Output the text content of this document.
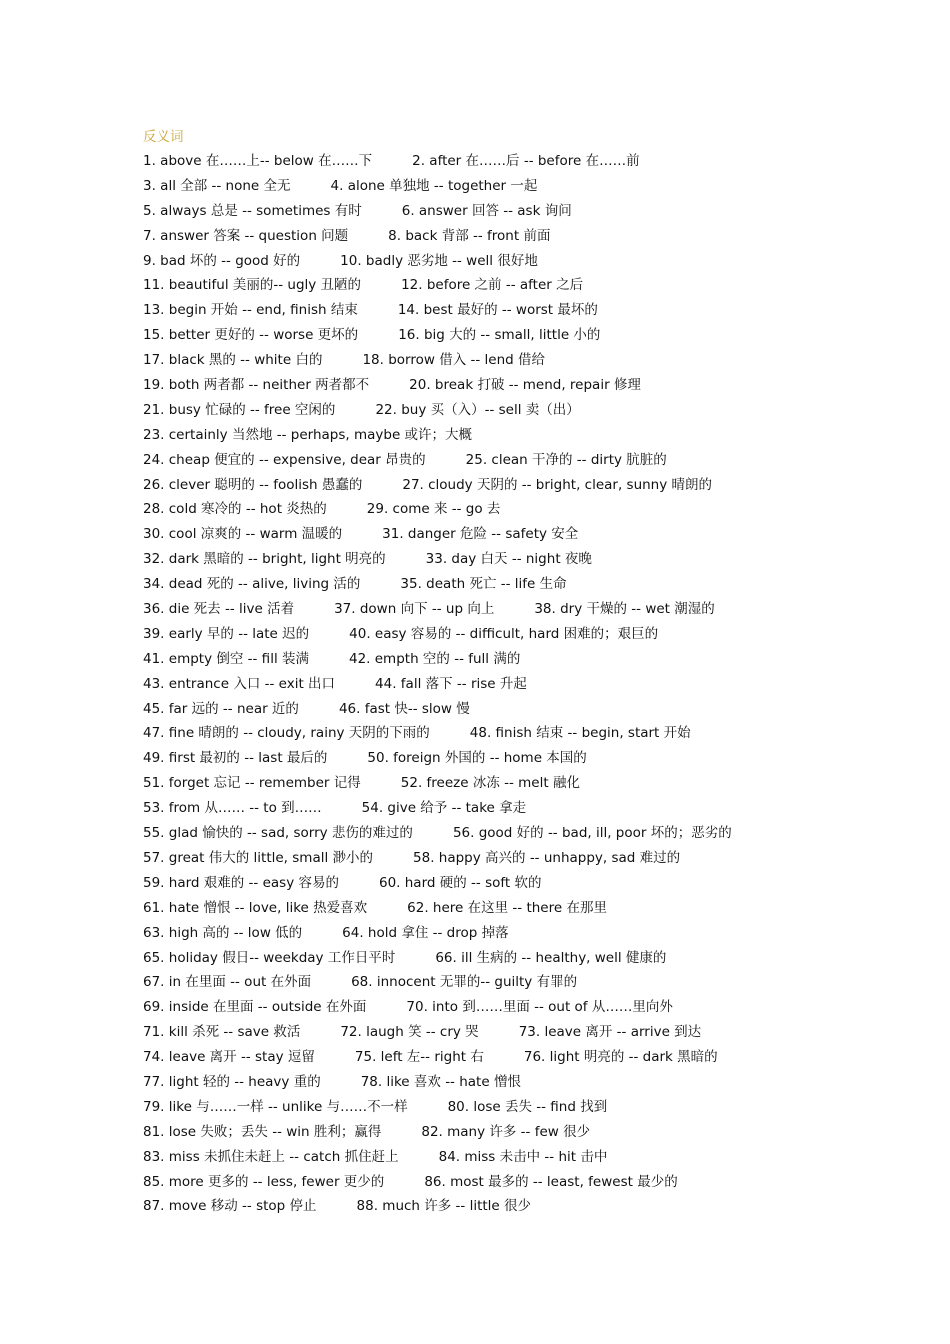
反义词
1. above 在……上-- below 在……下	2. after 在……后 -- before 在……前
3. all 全部 -- none 全无	4. alone 单独地 -- together 一起
5. always 总是 -- sometimes 有时	6. answer 回答 -- ask 询问
7. answer 答案 -- question 问题	8. back 背部 -- front 前面
9. bad 坏的 -- good 好的	10. badly 恶劣地 -- well 很好地
11. beautiful 美丽的-- ugly 丑陋的	12. before 之前 -- after 之后
13. begin 开始 -- end, finish 结束	14. best 最好的 -- worst 最坏的
15. better 更好的 -- worse 更坏的	16. big 大的 -- small, little 小的
17. black 黑的 -- white 白的	18. borrow 借入 -- lend 借给
19. both 两者都 -- neither 两者都不	20. break 打破 -- mend, repair 修理
21. busy 忙碌的 -- free 空闲的	22. buy 买（入）-- sell 卖（出）
23. certainly 当然地 -- perhaps, maybe 或许；大概
24. cheap 便宜的 -- expensive, dear 昂贵的	25. clean 干净的 -- dirty 肮脏的
26. clever 聪明的 -- foolish 愚蠢的	27. cloudy 天阴的 -- bright, clear, sunny 晴朗的
28. cold 寒冷的 -- hot 炎热的	29. come 来 -- go 去
30. cool 凉爽的 -- warm 温暖的	31. danger 危险 -- safety 安全
32. dark 黑暗的 -- bright, light 明亮的	33. day 白天 -- night 夜晚
34. dead 死的 -- alive, living 活的	35. death 死亡 -- life 生命
36. die 死去 -- live 活着	37. down 向下 -- up 向上	38. dry 干燥的 -- wet 潮湿的
39. early 早的 -- late 迟的	40. easy 容易的 -- difficult, hard 困难的；艰巨的
41. empty 倒空 -- fill 装满	42. empth 空的 -- full 满的
43. entrance 入口 -- exit 出口	44. fall 落下 -- rise 升起
45. far 远的 -- near 近的	46. fast 快-- slow 慢
47. fine 晴朗的 -- cloudy, rainy 天阴的下雨的	48. finish 结束 -- begin, start 开始
49. first 最初的 -- last 最后的	50. foreign 外国的 -- home 本国的
51. forget 忘记 -- remember 记得	52. freeze 冰冻 -- melt 融化
53. from 从…… -- to 到……	54. give 给予 -- take 拿走
55. glad 愉快的 -- sad, sorry 悲伤的难过的	56. good 好的 -- bad, ill, poor 坏的；恶劣的
57. great 伟大的 little, small 渺小的	58. happy 高兴的 -- unhappy, sad 难过的
59. hard 艰难的 -- easy 容易的	60. hard 硬的 -- soft 软的
61. hate 憎恨 -- love, like 热爱喜欢	62. here 在这里 -- there 在那里
63. high 高的 -- low 低的	64. hold 拿住 -- drop 掉落
65. holiday 假日-- weekday 工作日平时	66. ill 生病的 -- healthy, well 健康的
67. in 在里面 -- out 在外面	68. innocent 无罪的-- guilty 有罪的
69. inside 在里面 -- outside 在外面	70. into 到……里面 -- out of 从……里向外
71. kill 杀死 -- save 救活	72. laugh 笑 -- cry 哭	73. leave 离开 -- arrive 到达
74. leave 离开 -- stay 逗留	75. left 左-- right 右	76. light 明亮的 -- dark 黑暗的
77. light 轻的 -- heavy 重的	78. like 喜欢 -- hate 憎恨
79. like 与……一样 -- unlike 与……不一样	80. lose 丢失 -- find 找到
81. lose 失败；丢失 -- win 胜利；赢得	82. many 许多 -- few 很少
83. miss 未抓住未赶上 -- catch 抓住赶上	84. miss 未击中 -- hit 击中
85. more 更多的 -- less, fewer 更少的	86. most 最多的 -- least, fewest 最少的
87. move 移动 -- stop 停止	88. much 许多 -- little 很少
